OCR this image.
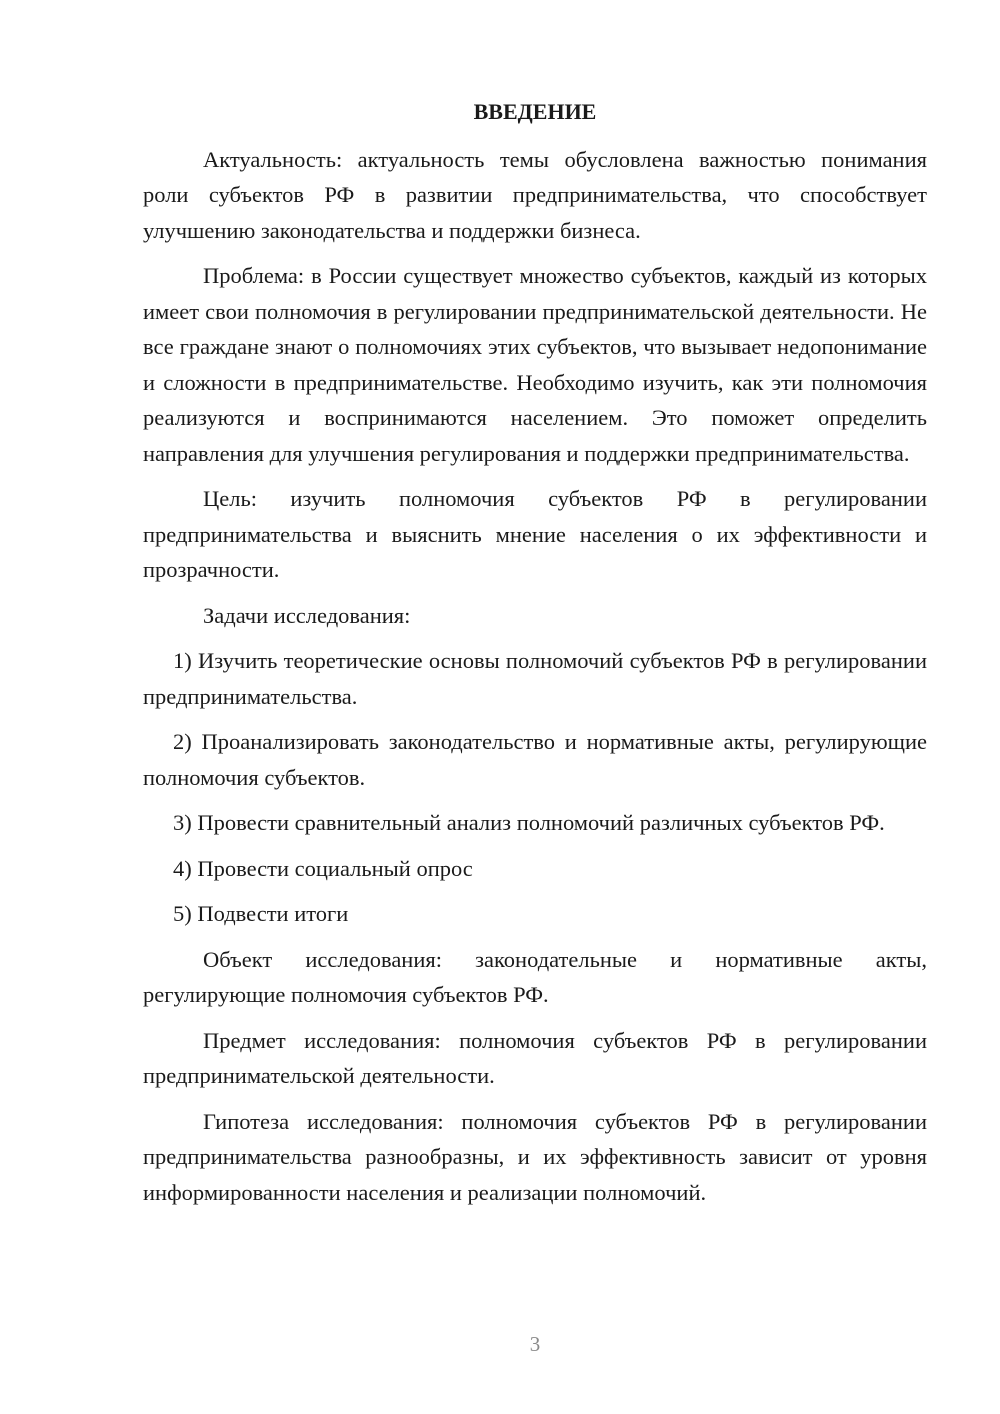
ВВЕДЕНИЕ

Актуальность: актуальность темы обусловлена важностью понимания роли субъектов РФ в развитии предпринимательства, что способствует улучшению законодательства и поддержки бизнеса.

Проблема: в России существует множество субъектов, каждый из которых имеет свои полномочия в регулировании предпринимательской деятельности. Не все граждане знают о полномочиях этих субъектов, что вызывает недопонимание и сложности в предпринимательстве. Необходимо изучить, как эти полномочия реализуются и воспринимаются населением. Это поможет определить направления для улучшения регулирования и поддержки предпринимательства.

Цель: изучить полномочия субъектов РФ в регулировании предпринимательства и выяснить мнение населения о их эффективности и прозрачности.

Задачи исследования:

1) Изучить теоретические основы полномочий субъектов РФ в регулировании предпринимательства.

2) Проанализировать законодательство и нормативные акты, регулирующие полномочия субъектов.

3) Провести сравнительный анализ полномочий различных субъектов РФ.

4) Провести социальный опрос

5) Подвести итоги

Объект исследования: законодательные и нормативные акты, регулирующие полномочия субъектов РФ.

Предмет исследования: полномочия субъектов РФ в регулировании предпринимательской деятельности.

Гипотеза исследования: полномочия субъектов РФ в регулировании предпринимательства разнообразны, и их эффективность зависит от уровня информированности населения и реализации полномочий.

3
